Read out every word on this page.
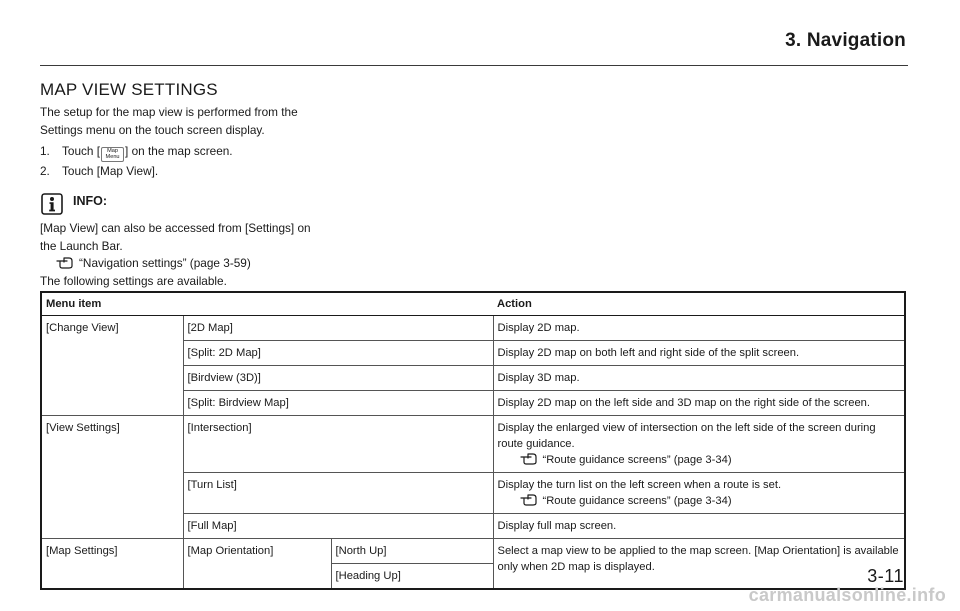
3. Navigation
MAP VIEW SETTINGS
The setup for the map view is performed from the Settings menu on the touch screen display.
1. Touch [ Map
Menu ] on the map screen.
2. Touch [Map View].
INFO:
[Map View] can also be accessed from [Settings] on the Launch Bar.
“Navigation settings” (page 3-59)
The following settings are available.
Menu item			Action
[Change View]	[2D Map]		Display 2D map.
	[Split: 2D Map]		Display 2D map on both left and right side of the split screen.
	[Birdview (3D)]		Display 3D map.
	[Split: Birdview Map]		Display 2D map on the left side and 3D map on the right side of the screen.
[View Settings]	[Intersection]		Display the enlarged view of intersection on the left side of the screen during route guidance.
“Route guidance screens” (page 3-34)

	[Turn List]		Display the turn list on the left screen when a route is set.
“Route guidance screens” (page 3-34)

	[Full Map]		Display full map screen.
[Map Settings]	[Map Orientation]	[North Up]	Select a map view to be applied to the map screen. [Map Orientation] is available only when 2D map is displayed.
		[Heading Up]		3-11
carmanualsonline.info
